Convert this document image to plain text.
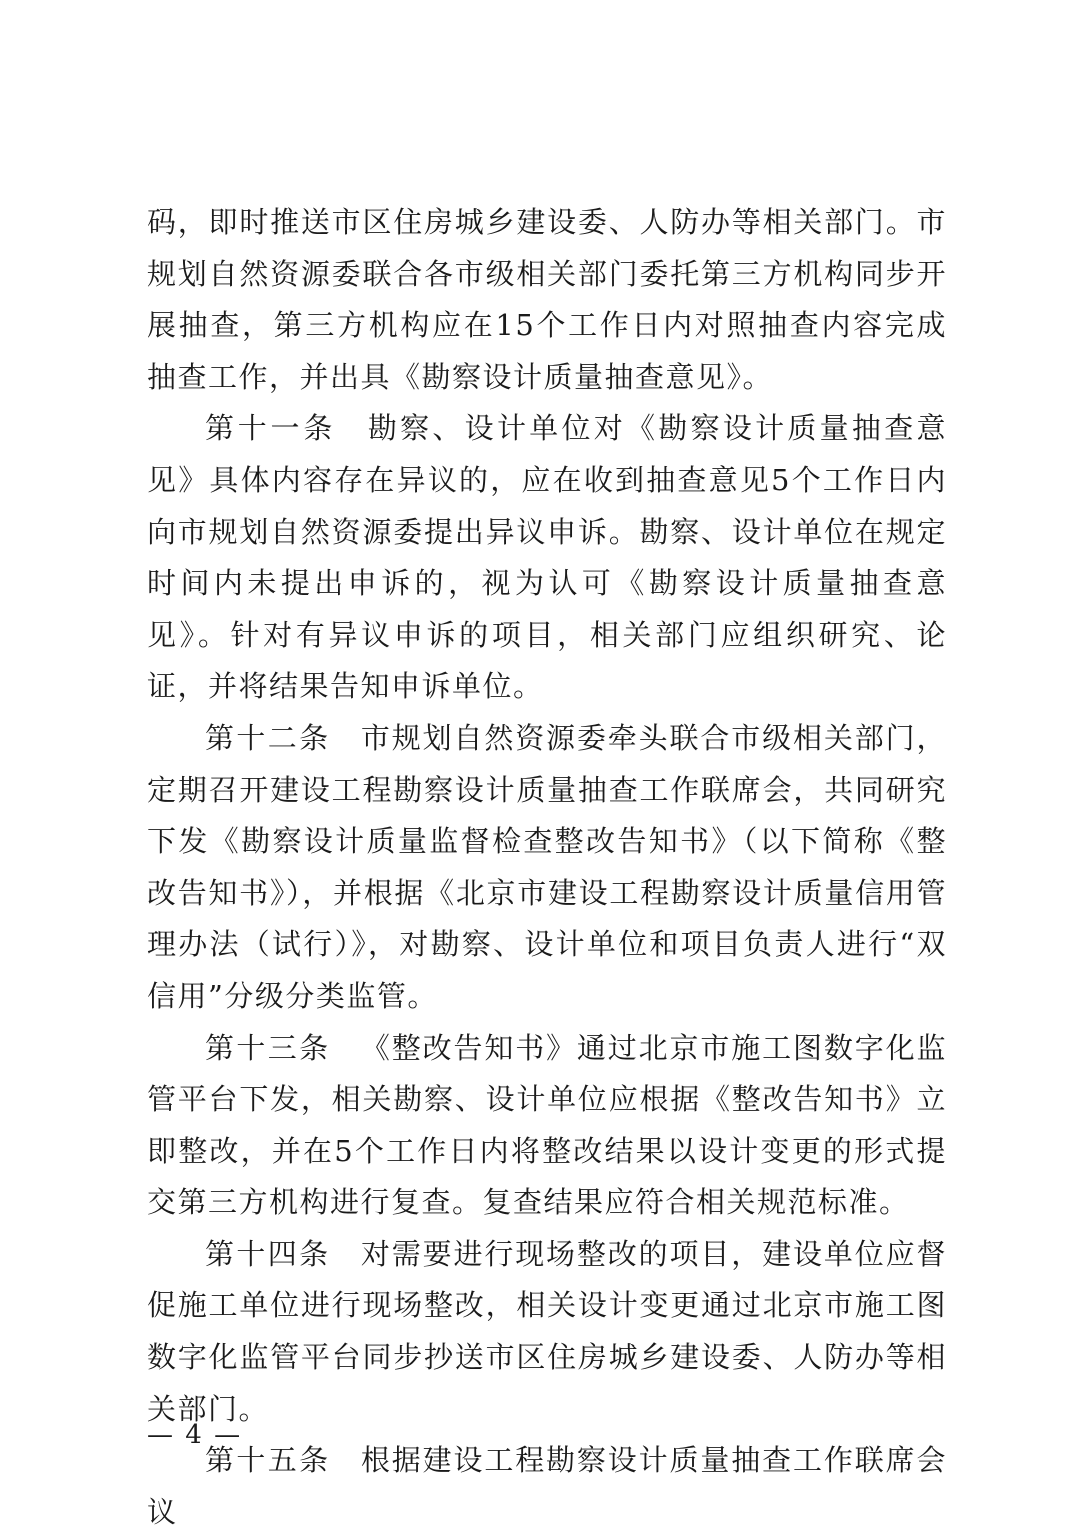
码，即时推送市区住房城乡建设委、人防办等相关部门。市规划自然资源委联合各市级相关部门委托第三方机构同步开展抽查，第三方机构应在15个工作日内对照抽查内容完成抽查工作，并出具《勘察设计质量抽查意见》。

第十一条 勘察、设计单位对《勘察设计质量抽查意见》具体内容存在异议的，应在收到抽查意见5个工作日内向市规划自然资源委提出异议申诉。勘察、设计单位在规定时间内未提出申诉的，视为认可《勘察设计质量抽查意见》。针对有异议申诉的项目，相关部门应组织研究、论证，并将结果告知申诉单位。

第十二条 市规划自然资源委牵头联合市级相关部门，定期召开建设工程勘察设计质量抽查工作联席会，共同研究下发《勘察设计质量监督检查整改告知书》（以下简称《整改告知书》），并根据《北京市建设工程勘察设计质量信用管理办法（试行）》，对勘察、设计单位和项目负责人进行“双信用”分级分类监管。

第十三条 《整改告知书》通过北京市施工图数字化监管平台下发，相关勘察、设计单位应根据《整改告知书》立即整改，并在5个工作日内将整改结果以设计变更的形式提交第三方机构进行复查。复查结果应符合相关规范标准。

第十四条 对需要进行现场整改的项目，建设单位应督促施工单位进行现场整改，相关设计变更通过北京市施工图数字化监管平台同步抄送市区住房城乡建设委、人防办等相关部门。

第十五条 根据建设工程勘察设计质量抽查工作联席会议

— 4 —
